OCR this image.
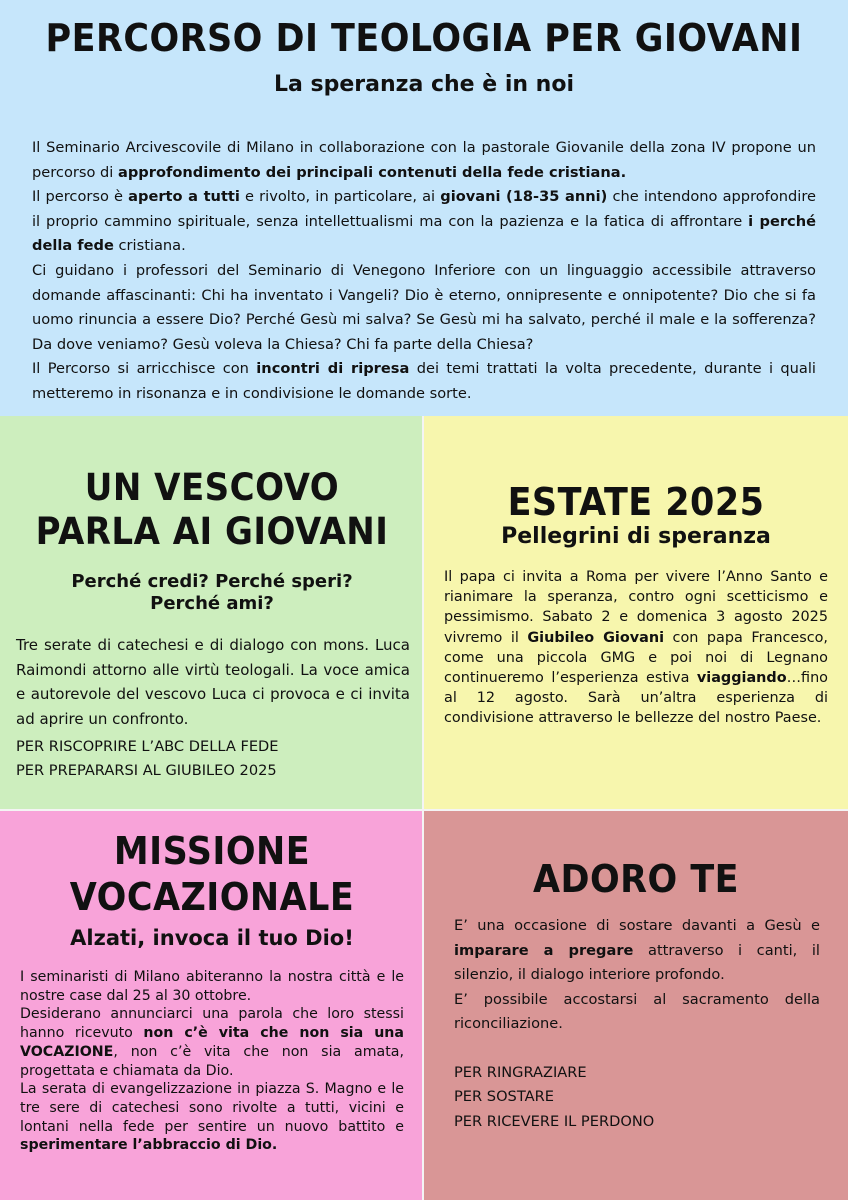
PERCORSO DI TEOLOGIA PER GIOVANI
La speranza che è in noi

Il Seminario Arcivescovile di Milano in collaborazione con la pastorale Giovanile della zona IV propone un percorso di approfondimento dei principali contenuti della fede cristiana.

Il percorso è aperto a tutti e rivolto, in particolare, ai giovani (18-35 anni) che intendono approfondire il proprio cammino spirituale, senza intellettualismi ma con la pazienza e la fatica di affrontare i perché della fede cristiana.

Ci guidano i professori del Seminario di Venegono Inferiore con un linguaggio accessibile attraverso domande affascinanti: Chi ha inventato i Vangeli? Dio è eterno, onnipresente e onnipotente? Dio che si fa uomo rinuncia a essere Dio? Perché Gesù mi salva? Se Gesù mi ha salvato, perché il male e la sofferenza? Da dove veniamo? Gesù voleva la Chiesa? Chi fa parte della Chiesa?

Il Percorso si arricchisce con incontri di ripresa dei temi trattati la volta precedente, durante i quali metteremo in risonanza e in condivisione le domande sorte.

UN VESCOVO
PARLA AI GIOVANI

Perché credi? Perché speri?
Perché ami?

Tre serate di catechesi e di dialogo con mons. Luca Raimondi attorno alle virtù teologali. La voce amica e autorevole del vescovo Luca ci provoca e ci invita ad aprire un confronto.

PER RISCOPRIRE L’ABC DELLA FEDE

PER PREPARARSI AL GIUBILEO 2025

ESTATE 2025

Pellegrini di speranza

Il papa ci invita a Roma per vivere l’Anno Santo e rianimare la speranza, contro ogni scetticismo e pessimismo. Sabato 2 e domenica 3 agosto 2025 vivremo il Giubileo Giovani con papa Francesco, come una piccola GMG e poi noi di Legnano continueremo l’esperienza estiva viaggiando…fino al 12 agosto. Sarà un’altra esperienza di condivisione attraverso le bellezze del nostro Paese.

MISSIONE
VOCAZIONALE

Alzati, invoca il tuo Dio!

I seminaristi di Milano abiteranno la nostra città e le nostre case dal 25 al 30 ottobre.

Desiderano annunciarci una parola che loro stessi hanno ricevuto non c’è vita che non sia una VOCAZIONE, non c’è vita che non sia amata, progettata e chiamata da Dio.

La serata di evangelizzazione in piazza S. Magno e le tre sere di catechesi sono rivolte a tutti, vicini e lontani nella fede per sentire un nuovo battito e sperimentare l’abbraccio di Dio.

ADORO TE

E’ una occasione di sostare davanti a Gesù e imparare a pregare attraverso i canti, il silenzio, il dialogo interiore profondo.

E’ possibile accostarsi al sacramento della riconciliazione.

PER RINGRAZIARE

PER SOSTARE

PER RICEVERE IL PERDONO
